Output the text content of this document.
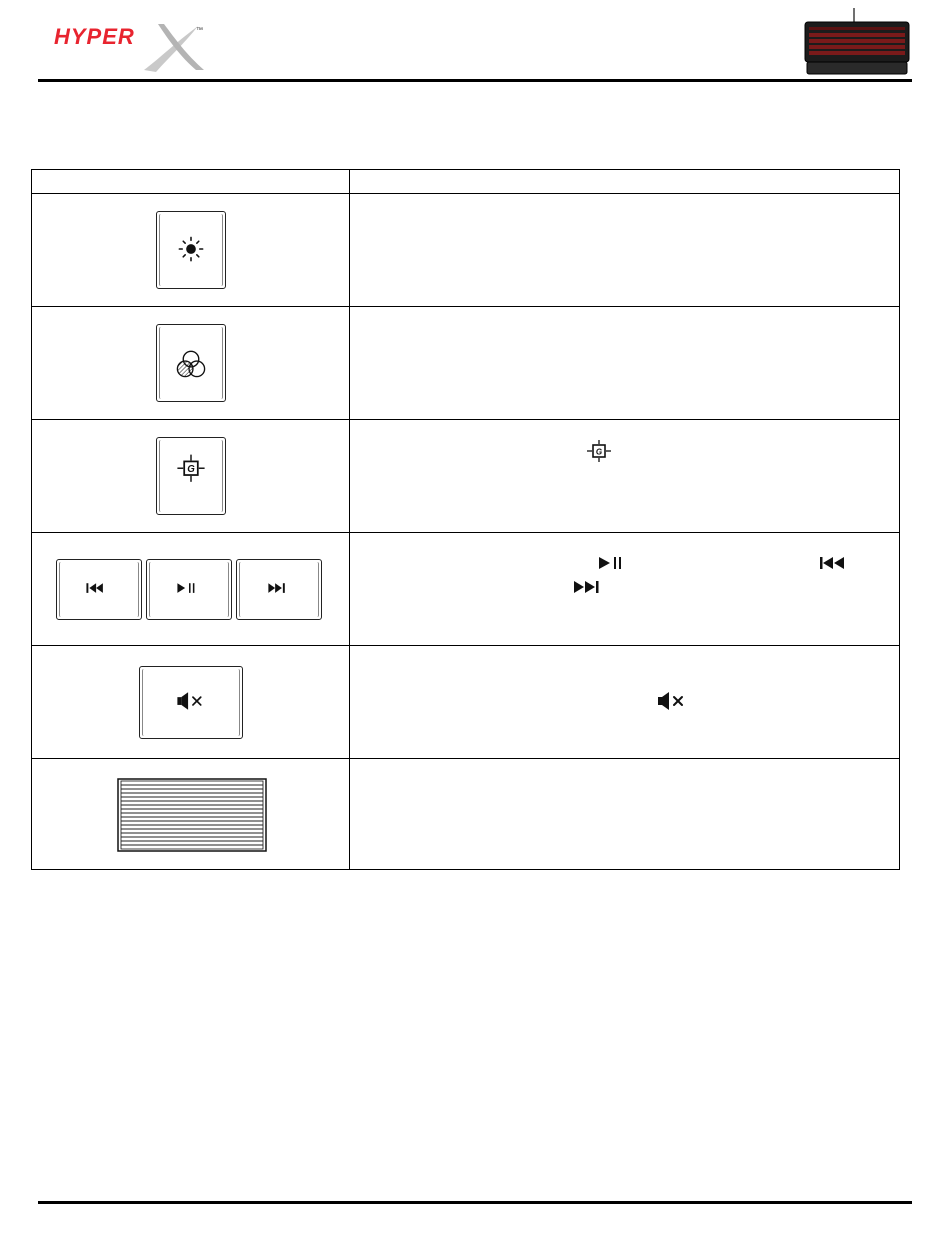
HYPER	™
G
G
